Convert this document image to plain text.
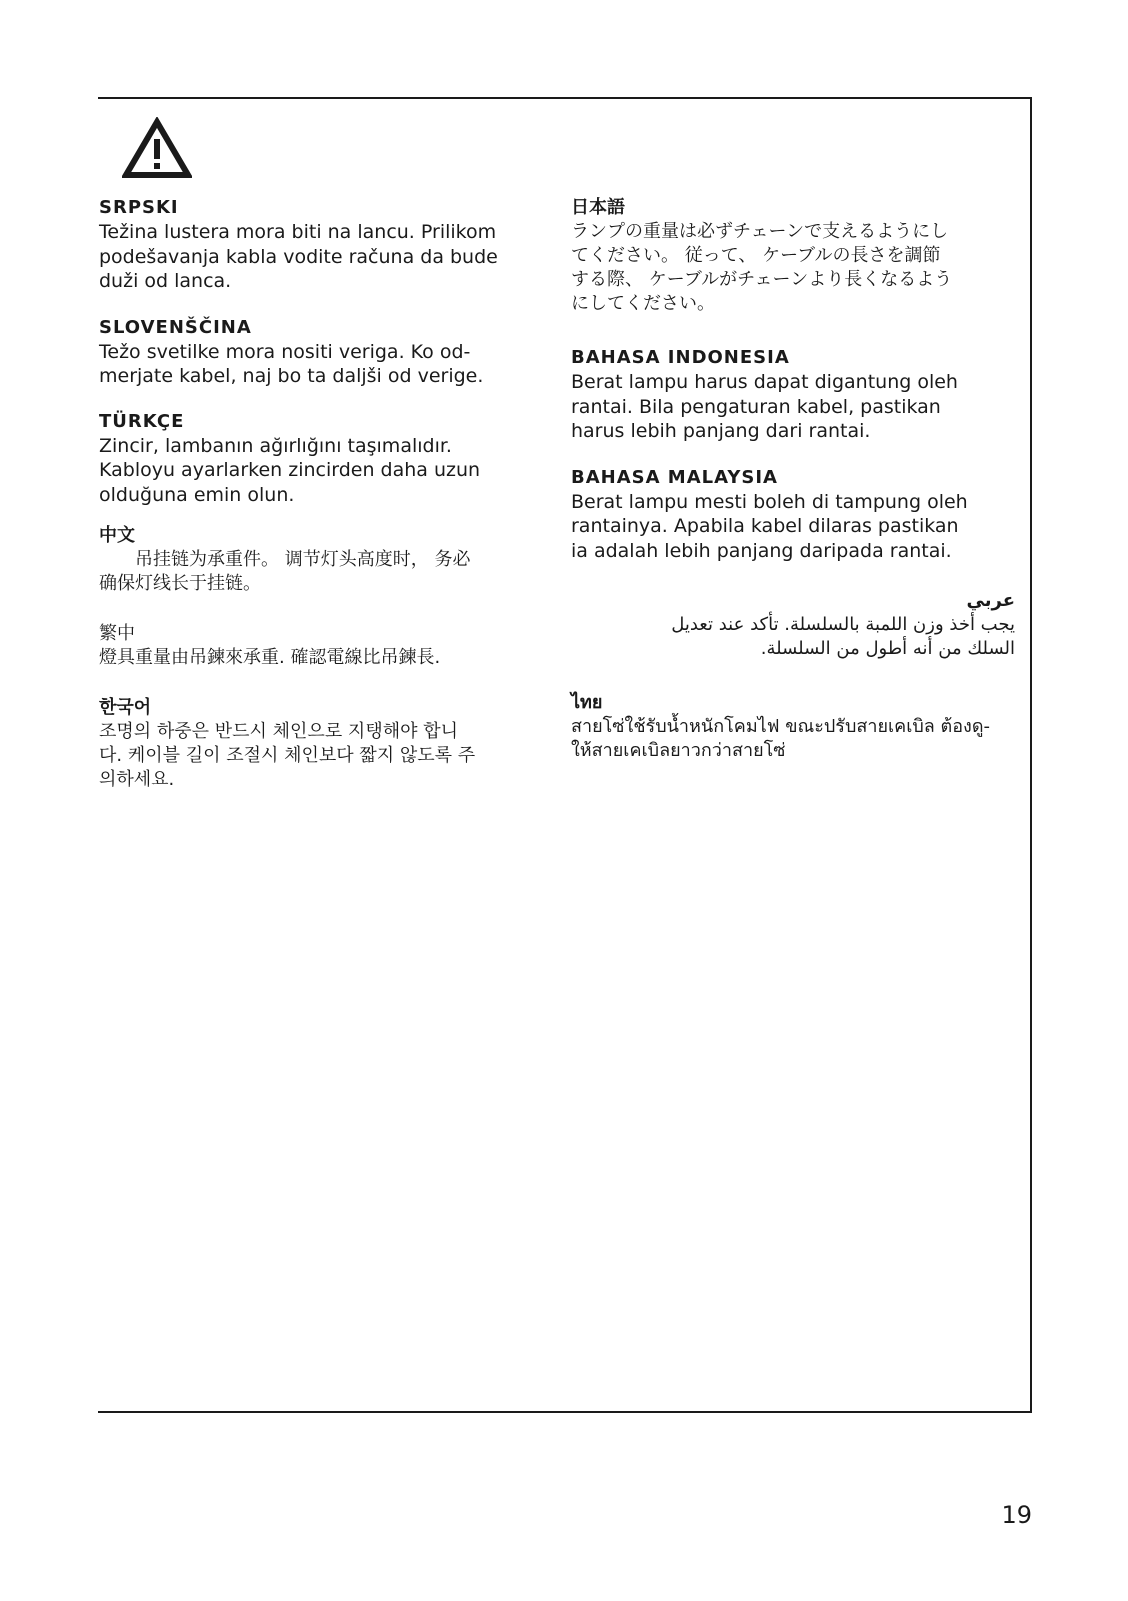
SRPSKI

Težina lustera mora biti na lancu. Prilikom
podešavanja kabla vodite računa da bude
duži od lanca.

SLOVENŠČINA

Težo svetilke mora nositi veriga. Ko od-
merjate kabel, naj bo ta daljši od verige.

TÜRKÇE

Zincir, lambanın ağırlığını taşımalıdır.
Kabloyu ayarlarken zincirden daha uzun
olduğuna emin olun.

中文

　　吊挂链为承重件。 调节灯头高度时， 务必
确保灯线长于挂链。

繁中

燈具重量由吊鍊來承重. 確認電線比吊鍊長.

한국어

조명의 하중은 반드시 체인으로 지탱해야 합니
다. 케이블 길이 조절시 체인보다 짧지 않도록 주
의하세요.

日本語

ランプの重量は必ずチェーンで支えるようにし
てください。 従って、 ケーブルの長さを調節
する際、 ケーブルがチェーンより長くなるよう
にしてください。

BAHASA INDONESIA

Berat lampu harus dapat digantung oleh
rantai. Bila pengaturan kabel, pastikan
harus lebih panjang dari rantai.

BAHASA MALAYSIA

Berat lampu mesti boleh di tampung oleh
rantainya. Apabila kabel dilaras pastikan
ia adalah lebih panjang daripada rantai.

عربي

يجب أخذ وزن اللمبة بالسلسلة. تأكد عند تعديل
السلك من أنه أطول من السلسلة.

ไทย

สายโซ่ใช้รับน้ำหนักโคมไฟ ขณะปรับสายเคเบิล ต้องดู-
ให้สายเคเบิลยาวกว่าสายโซ่

19
